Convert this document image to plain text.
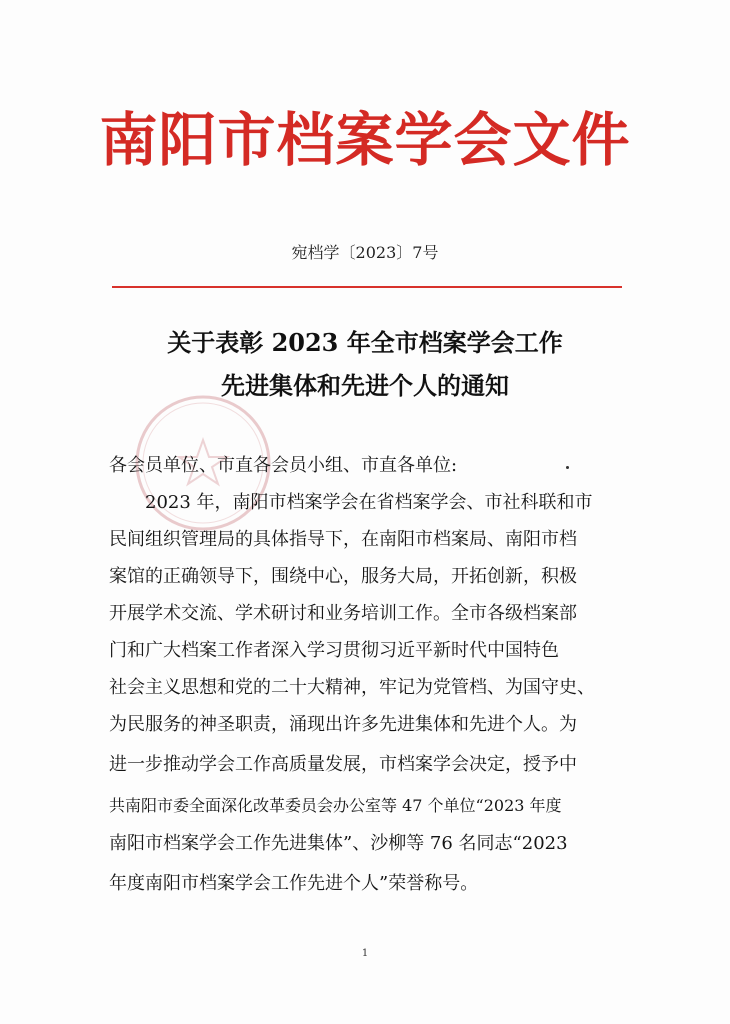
南阳市档案学会文件
宛档学〔2023〕7号
关于表彰 2023 年全市档案学会工作
先进集体和先进个人的通知
各会员单位、市直各会员小组、市直各单位:
2023 年，南阳市档案学会在省档案学会、市社科联和市
民间组织管理局的具体指导下，在南阳市档案局、南阳市档
案馆的正确领导下，围绕中心，服务大局，开拓创新，积极
开展学术交流、学术研讨和业务培训工作。全市各级档案部
门和广大档案工作者深入学习贯彻习近平新时代中国特色
社会主义思想和党的二十大精神，牢记为党管档、为国守史、
为民服务的神圣职责，涌现出许多先进集体和先进个人。为
进一步推动学会工作高质量发展，市档案学会决定，授予中
共南阳市委全面深化改革委员会办公室等 47 个单位“2023 年度
南阳市档案学会工作先进集体”、沙柳等 76 名同志“2023
年度南阳市档案学会工作先进个人”荣誉称号。
1
